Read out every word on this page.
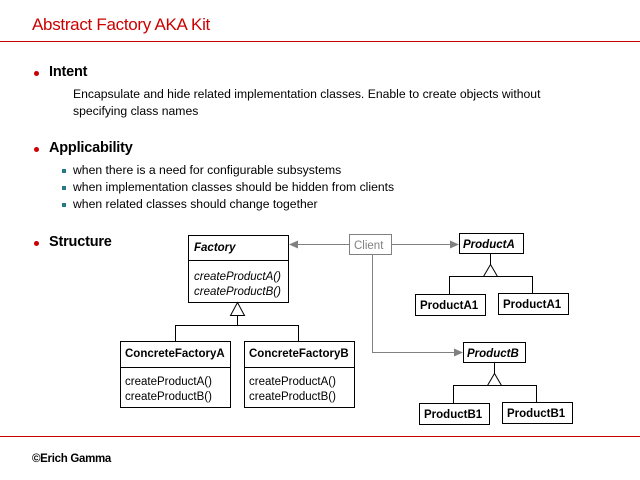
Abstract Factory AKA Kit
Intent
Encapsulate and hide related implementation classes. Enable to create objects without
specifying class names
Applicability
when there is a need for configurable subsystems
when implementation classes should be hidden from clients
when related classes should change together
Structure	Factory
createProductA()
createProductB()
Client
ConcreteFactoryA
createProductA()
createProductB()
ConcreteFactoryB
createProductA()
createProductB()
ProductA
ProductA1 ProductA1
ProductB
ProductB1 ProductB1
©Erich Gamma
